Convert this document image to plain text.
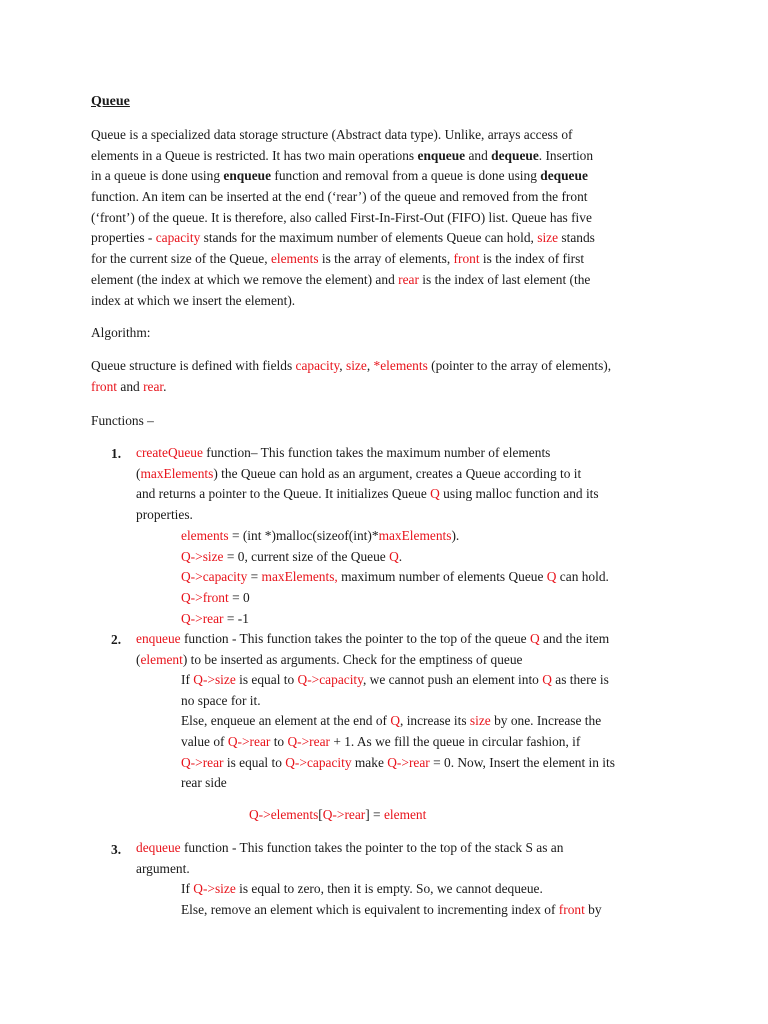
Queue
Queue is a specialized data storage structure (Abstract data type). Unlike, arrays access of
elements in a Queue is restricted. It has two main operations enqueue and dequeue. Insertion
in a queue is done using enqueue function and removal from a queue is done using dequeue
function. An item can be inserted at the end (‘rear’) of the queue and removed from the front
(‘front’) of the queue. It is therefore, also called First-In-First-Out (FIFO) list. Queue has five
properties - capacity stands for the maximum number of elements Queue can hold, size stands
for the current size of the Queue, elements is the array of elements, front is the index of first
element (the index at which we remove the element) and rear is the index of last element (the
index at which we insert the element).
Algorithm:
Queue structure is defined with fields capacity, size, *elements (pointer to the array of elements),
front and rear.
Functions –
1. createQueue function– This function takes the maximum number of elements
(maxElements) the Queue can hold as an argument, creates a Queue according to it
and returns a pointer to the Queue. It initializes Queue Q using malloc function and its
properties.
elements = (int *)malloc(sizeof(int)*maxElements).
Q->size = 0, current size of the Queue Q.
Q->capacity = maxElements, maximum number of elements Queue Q can hold.
Q->front = 0
Q->rear = -1
2. enqueue function - This function takes the pointer to the top of the queue Q and the item
(element) to be inserted as arguments. Check for the emptiness of queue
If Q->size is equal to Q->capacity, we cannot push an element into Q as there is
no space for it.
Else, enqueue an element at the end of Q, increase its size by one. Increase the
value of Q->rear to Q->rear + 1. As we fill the queue in circular fashion, if
Q->rear is equal to Q->capacity make Q->rear = 0. Now, Insert the element in its
rear side
Q->elements[Q->rear] = element
3. dequeue function - This function takes the pointer to the top of the stack S as an
argument.
If Q->size is equal to zero, then it is empty. So, we cannot dequeue.
Else, remove an element which is equivalent to incrementing index of front by
